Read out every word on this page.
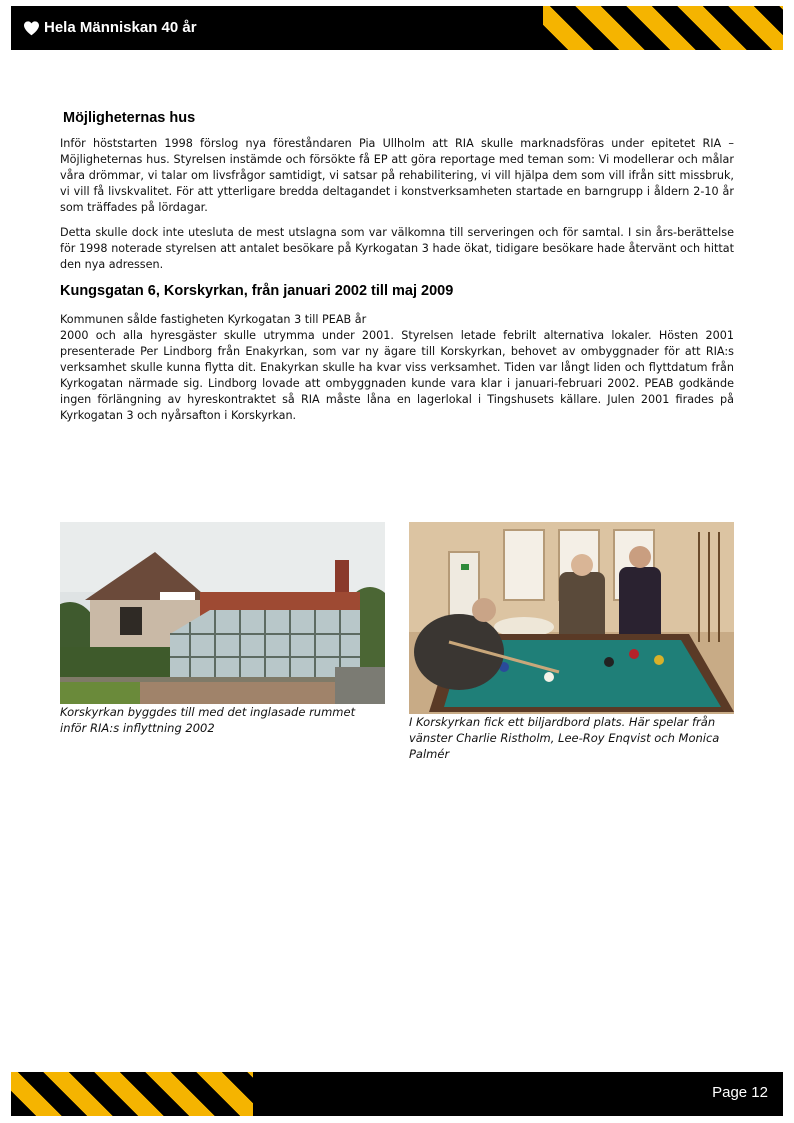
Hela Människan 40 år
Möjligheternas hus

Inför höststarten 1998 förslog nya föreståndaren Pia Ullholm att RIA skulle marknadsföras under epitetet RIA – Möjligheternas hus. Styrelsen instämde och försökte få EP att göra reportage med teman som: Vi modellerar och målar våra drömmar, vi talar om livsfrågor samtidigt, vi satsar på rehabilitering, vi vill hjälpa dem som vill ifrån sitt missbruk, vi vill få livskvalitet. För att ytterligare bredda deltagandet i konstverksamheten startade en barngrupp i åldern 2-10 år som träffades på lördagar.

Detta skulle dock inte utesluta de mest utslagna som var välkomna till serveringen och för samtal. I sin års-berättelse för 1998 noterade styrelsen att antalet besökare på Kyrkogatan 3 hade ökat, tidigare besökare hade återvänt och hittat den nya adressen.

Kungsgatan 6, Korskyrkan, från januari 2002 till maj 2009

Kommunen sålde fastigheten Kyrkogatan 3 till PEAB år

2000 och alla hyresgäster skulle utrymma under 2001. Styrelsen letade febrilt alternativa lokaler. Hösten 2001 presenterade Per Lindborg från Enakyrkan, som var ny ägare till Korskyrkan, behovet av ombyggnader för att RIA:s verksamhet skulle kunna flytta dit. Enakyrkan skulle ha kvar viss verksamhet. Tiden var långt liden och flyttdatum från Kyrkogatan närmade sig. Lindborg lovade att ombyggnaden kunde vara klar i januari-februari 2002. PEAB godkände ingen förlängning av hyreskontraktet så RIA måste låna en lagerlokal i Tingshusets källare. Julen 2001 firades på Kyrkogatan 3 och nyårsafton i Korskyrkan.

Korskyrkan byggdes till med det inglasade rummet inför RIA:s inflyttning 2002	I Korskyrkan fick ett biljardbord plats. Här spelar från vänster Charlie Ristholm, Lee-Roy Enqvist och Monica Palmér
Page 12
